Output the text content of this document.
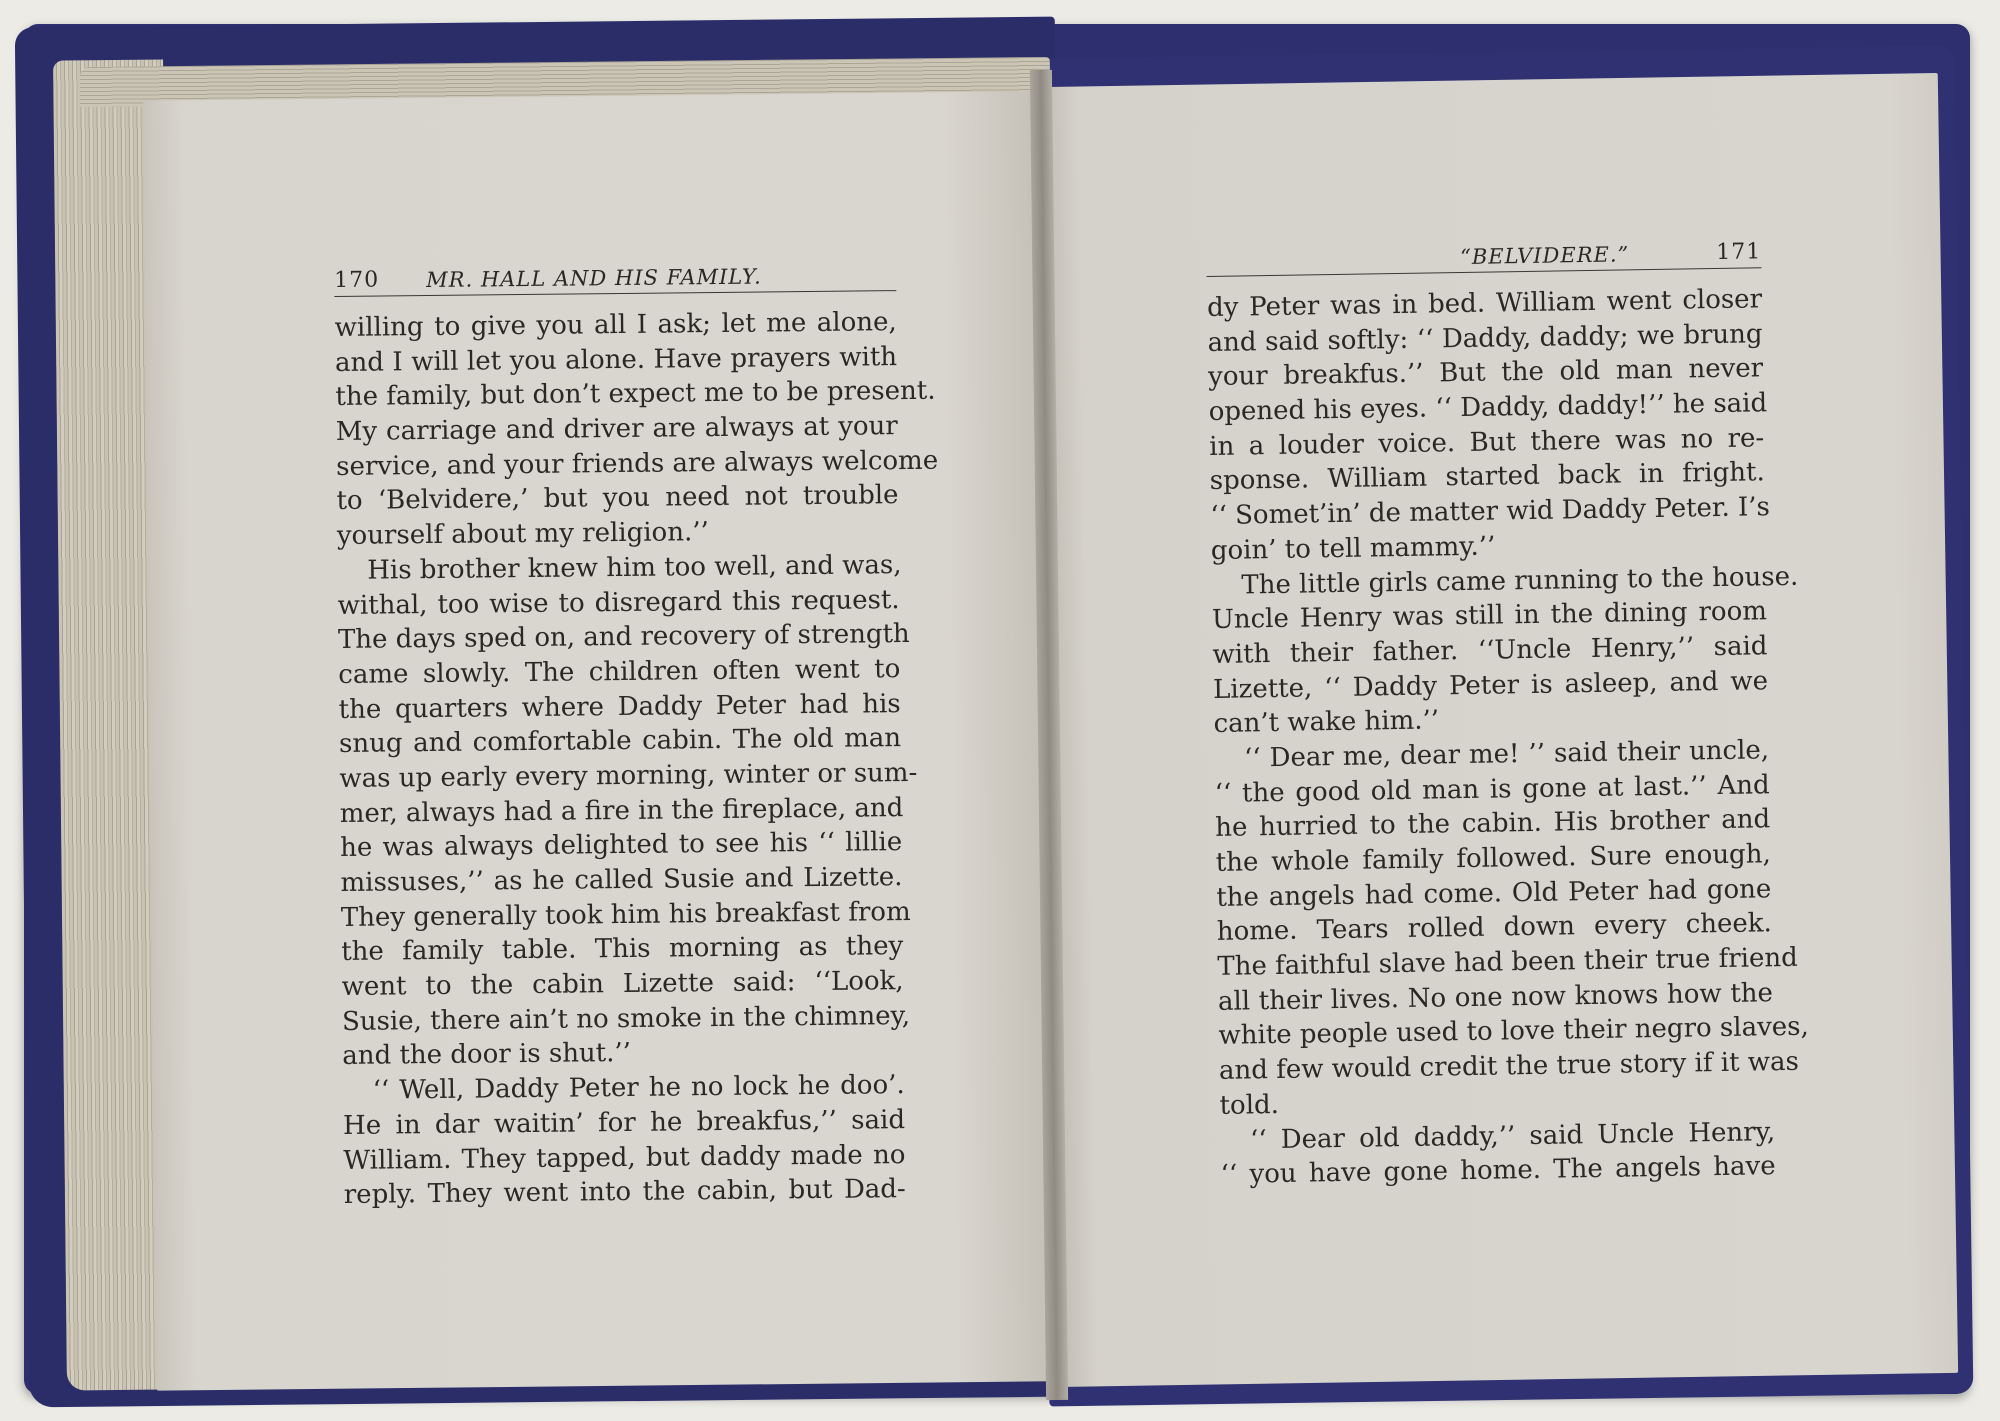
170 MR. HALL AND HIS FAMILY.
willing to give you all I ask; let me alone,
and I will let you alone. Have prayers with
the family, but don’t expect me to be present.
My carriage and driver are always at your
service, and your friends are always welcome
to ‘Belvidere,’ but you need not trouble
yourself about my religion.’’
His brother knew him too well, and was,
withal, too wise to disregard this request.
The days sped on, and recovery of strength
came slowly. The children often went to
the quarters where Daddy Peter had his
snug and comfortable cabin. The old man
was up early every morning, winter or sum-
mer, always had a fire in the fireplace, and
he was always delighted to see his ‘‘ lillie
missuses,’’ as he called Susie and Lizette.
They generally took him his breakfast from
the family table. This morning as they
went to the cabin Lizette said: ‘‘Look,
Susie, there ain’t no smoke in the chimney,
and the door is shut.’’
‘‘ Well, Daddy Peter he no lock he doo’.
He in dar waitin’ for he breakfus,’’ said
William. They tapped, but daddy made no
reply. They went into the cabin, but Dad-
“BELVIDERE.”	171
dy Peter was in bed. William went closer
and said softly: ‘‘ Daddy, daddy; we brung
your breakfus.’’ But the old man never
opened his eyes. ‘‘ Daddy, daddy!’’ he said
in a louder voice. But there was no re-
sponse. William started back in fright.
‘‘ Somet’in’ de matter wid Daddy Peter. I’s
goin’ to tell mammy.’’
The little girls came running to the house.
Uncle Henry was still in the dining room
with their father. ‘‘Uncle Henry,’’ said
Lizette, ‘‘ Daddy Peter is asleep, and we
can’t wake him.’’
‘‘ Dear me, dear me! ’’ said their uncle,
‘‘ the good old man is gone at last.’’ And
he hurried to the cabin. His brother and
the whole family followed. Sure enough,
the angels had come. Old Peter had gone
home. Tears rolled down every cheek.
The faithful slave had been their true friend
all their lives. No one now knows how the
white people used to love their negro slaves,
and few would credit the true story if it was
told.
‘‘ Dear old daddy,’’ said Uncle Henry,
‘‘ you have gone home. The angels have
